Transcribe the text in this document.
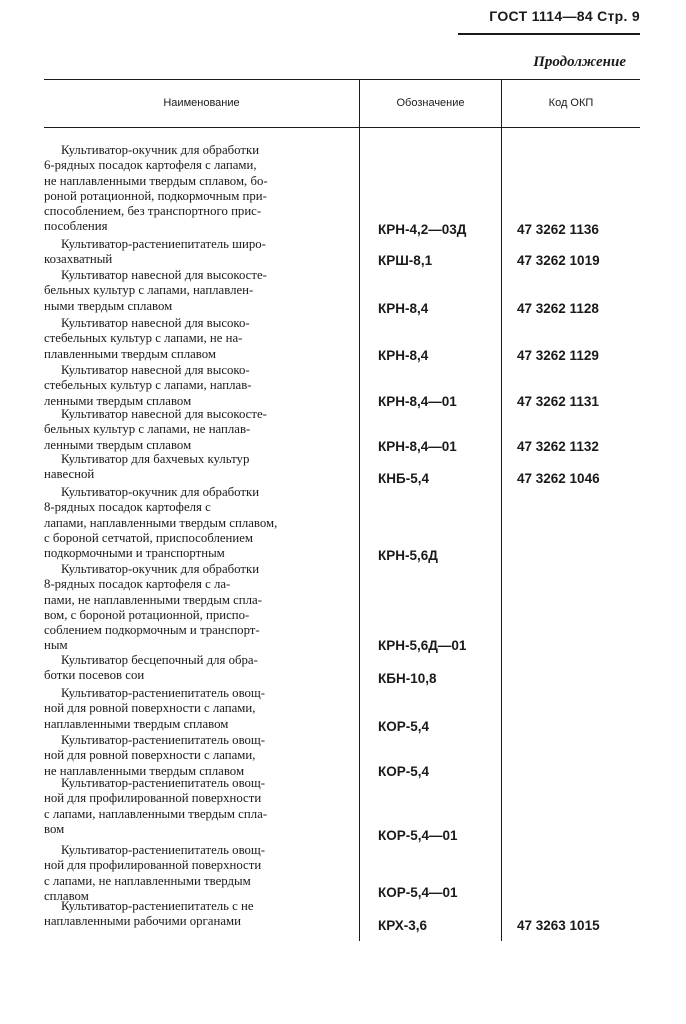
ГОСТ 1114—84 Стр. 9
Продолжение
Наименование	Обозначение	Код ОКП
Культиватор-окучник для обработки
6-рядных посадок картофеля с лапами,
не наплавленными твердым сплавом, бо-
роной ротационной, подкормочным при-
способлением, без транспортного прис-
пособления	КРН-4,2—03Д	47 3262 1136
Культиватор-растениепитатель широ-
козахватный	КРШ-8,1	47 3262 1019
Культиватор навесной для высокосте-
бельных культур с лапами, наплавлен-
ными твердым сплавом	КРН-8,4	47 3262 1128
Культиватор навесной для высоко-
стебельных культур с лапами, не на-
плавленными твердым сплавом	КРН-8,4	47 3262 1129
Культиватор навесной для высоко-
стебельных культур с лапами, наплав-
ленными твердым сплавом	КРН-8,4—01	47 3262 1131
Культиватор навесной для высокосте-
бельных культур с лапами, не наплав-
ленными твердым сплавом	КРН-8,4—01	47 3262 1132
Культиватор для бахчевых культур
навесной	КНБ-5,4	47 3262 1046
Культиватор-окучник для обработки
8-рядных посадок картофеля с
лапами, наплавленными твердым сплавом,
с бороной сетчатой, приспособлением
подкормочными и транспортным	КРН-5,6Д
Культиватор-окучник для обработки
8-рядных посадок картофеля с ла-
пами, не наплавленными твердым спла-
вом, с бороной ротационной, приспо-
соблением подкормочным и транспорт-
ным	КРН-5,6Д—01
Культиватор бесцепочный для обра-
ботки посевов сои	КБН-10,8
Культиватор-растениепитатель овощ-
ной для ровной поверхности с лапами,
наплавленными твердым сплавом	КОР-5,4
Культиватор-растениепитатель овощ-
ной для ровной поверхности с лапами,
не наплавленными твердым сплавом	КОР-5,4
Культиватор-растениепитатель овощ-
ной для профилированной поверхности
с лапами, наплавленными твердым спла-
вом	КОР-5,4—01
Культиватор-растениепитатель овощ-
ной для профилированной поверхности
с лапами, не наплавленными твердым
сплавом	КОР-5,4—01
Культиватор-растениепитатель с не
наплавленными рабочими органами	КРХ-3,6	47 3263 1015
